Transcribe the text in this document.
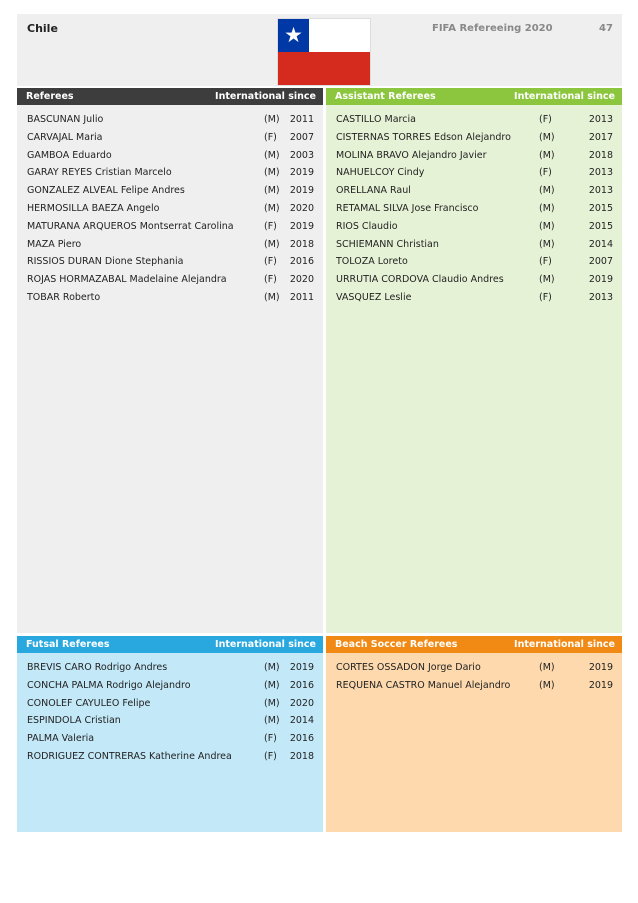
Chile	FIFA Refereeing 2020	47
★
Referees	International since
BASCUNAN Julio	(M) 2011
CARVAJAL Maria	(F) 2007
GAMBOA Eduardo	(M) 2003
GARAY REYES Cristian Marcelo	(M) 2019
GONZALEZ ALVEAL Felipe Andres	(M) 2019
HERMOSILLA BAEZA Angelo	(M) 2020
MATURANA ARQUEROS Montserrat Carolina	(F) 2019
MAZA Piero	(M) 2018
RISSIOS DURAN Dione Stephania	(F) 2016
ROJAS HORMAZABAL Madelaine Alejandra	(F) 2020
TOBAR Roberto	(M) 2011
Assistant Referees	International since
CASTILLO Marcia	(F)	2013
CISTERNAS TORRES Edson Alejandro	(M)	2017
MOLINA BRAVO Alejandro Javier	(M)	2018
NAHUELCOY Cindy	(F)	2013
ORELLANA Raul	(M)	2013
RETAMAL SILVA Jose Francisco	(M)	2015
RIOS Claudio	(M)	2015
SCHIEMANN Christian	(M)	2014
TOLOZA Loreto	(F)	2007
URRUTIA CORDOVA Claudio Andres	(M)	2019
VASQUEZ Leslie	(F)	2013
Futsal Referees	International since
BREVIS CARO Rodrigo Andres	(M) 2019
CONCHA PALMA Rodrigo Alejandro	(M) 2016
CONOLEF CAYULEO Felipe	(M) 2020
ESPINDOLA Cristian	(M) 2014
PALMA Valeria	(F) 2016
RODRIGUEZ CONTRERAS Katherine Andrea	(F) 2018
Beach Soccer Referees	International since
CORTES OSSADON Jorge Dario	(M)	2019
REQUENA CASTRO Manuel Alejandro	(M)	2019
